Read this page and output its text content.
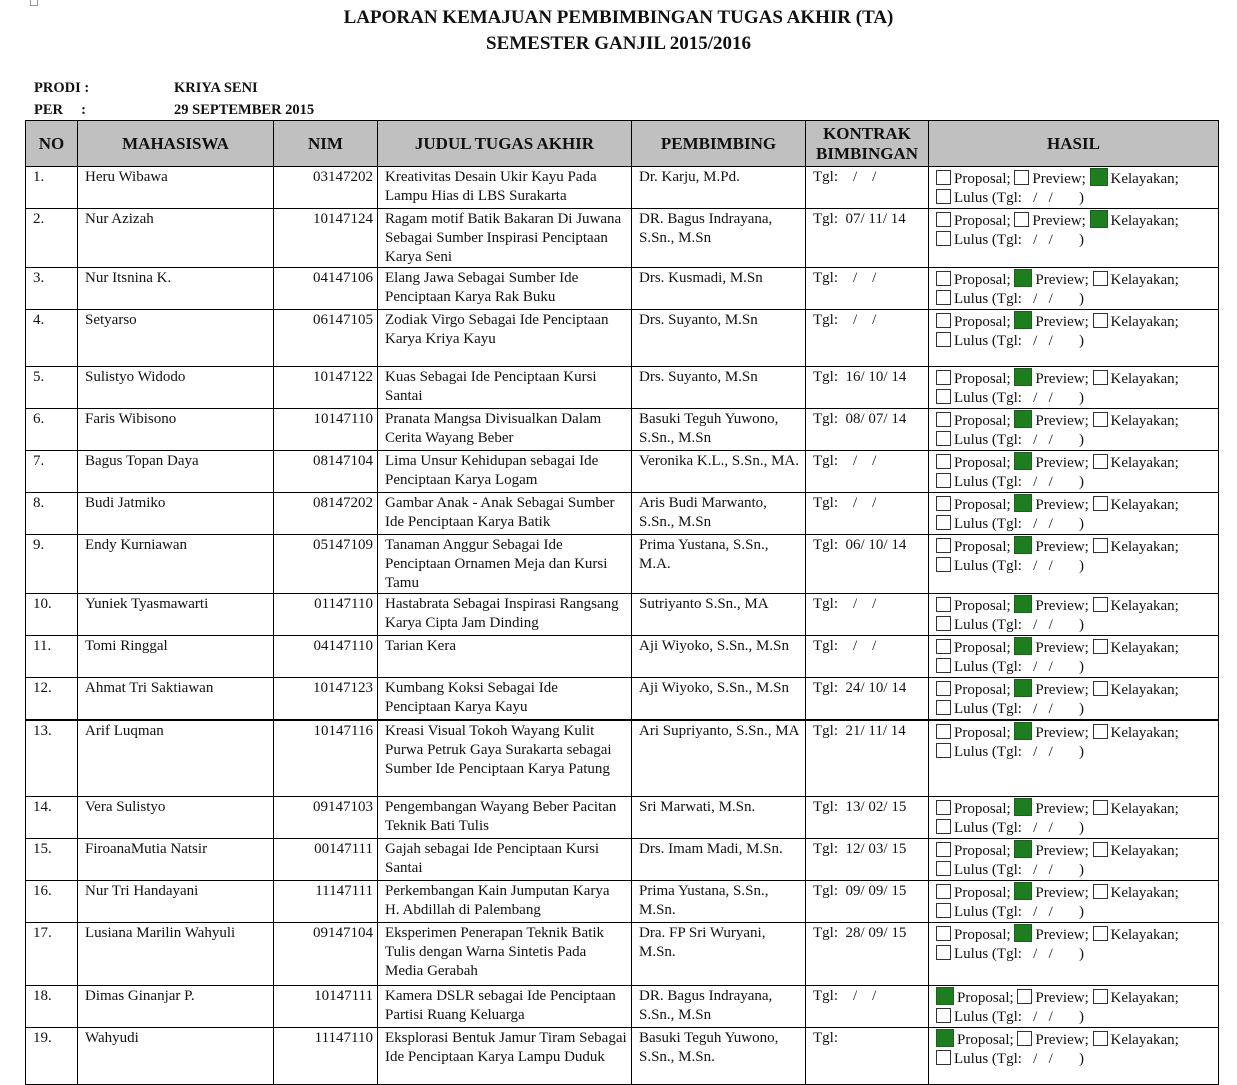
LAPORAN KEMAJUAN PEMBIMBINGAN TUGAS AKHIR (TA)
SEMESTER GANJIL 2015/2016
PRODI :	KRIYA SENI
PER     :	29 SEPTEMBER 2015
NO	MAHASISWA	NIM	JUDUL TUGAS AKHIR	PEMBIMBING	KONTRAK BIMBINGAN	HASIL
1.	Heru Wibawa	03147202	Kreativitas Desain Ukir Kayu Pada Lampu Hias di LBS Surakarta	Dr. Karju, M.Pd.	Tgl:    /    /	Proposal; Preview; Kelayakan;
Lulus (Tgl:   /   /       )

2.	Nur Azizah	10147124	Ragam motif Batik Bakaran Di Juwana Sebagai Sumber Inspirasi Penciptaan Karya Seni	DR. Bagus Indrayana, S.Sn., M.Sn	Tgl:  07/ 11/ 14	Proposal; Preview; Kelayakan;
Lulus (Tgl:   /   /       )

3.	Nur Itsnina K.	04147106	Elang Jawa Sebagai Sumber Ide Penciptaan Karya Rak Buku	Drs. Kusmadi, M.Sn	Tgl:    /    /	Proposal; Preview; Kelayakan;
Lulus (Tgl:   /   /       )

4.	Setyarso	06147105	Zodiak Virgo Sebagai Ide Penciptaan Karya Kriya Kayu	Drs. Suyanto, M.Sn	Tgl:    /    /	Proposal; Preview; Kelayakan;
Lulus (Tgl:   /   /       )

5.	Sulistyo Widodo	10147122	Kuas Sebagai Ide Penciptaan Kursi Santai	Drs. Suyanto, M.Sn	Tgl:  16/ 10/ 14	Proposal; Preview; Kelayakan;
Lulus (Tgl:   /   /       )

6.	Faris Wibisono	10147110	Pranata Mangsa Divisualkan Dalam Cerita Wayang Beber	Basuki Teguh Yuwono, S.Sn., M.Sn	Tgl:  08/ 07/ 14	Proposal; Preview; Kelayakan;
Lulus (Tgl:   /   /       )

7.	Bagus Topan Daya	08147104	Lima Unsur Kehidupan sebagai Ide Penciptaan Karya Logam	Veronika K.L., S.Sn., MA.	Tgl:    /    /	Proposal; Preview; Kelayakan;
Lulus (Tgl:   /   /       )

8.	Budi Jatmiko	08147202	Gambar Anak - Anak Sebagai Sumber Ide Penciptaan Karya Batik	Aris Budi Marwanto, S.Sn., M.Sn	Tgl:    /    /	Proposal; Preview; Kelayakan;
Lulus (Tgl:   /   /       )

9.	Endy Kurniawan	05147109	Tanaman Anggur Sebagai Ide Penciptaan Ornamen Meja dan Kursi Tamu	Prima Yustana, S.Sn., M.A.	Tgl:  06/ 10/ 14	Proposal; Preview; Kelayakan;
Lulus (Tgl:   /   /       )

10.	Yuniek Tyasmawarti	01147110	Hastabrata Sebagai Inspirasi Rangsang Karya Cipta Jam Dinding	Sutriyanto S.Sn., MA	Tgl:    /    /	Proposal; Preview; Kelayakan;
Lulus (Tgl:   /   /       )

11.	Tomi Ringgal	04147110	Tarian Kera	Aji Wiyoko, S.Sn., M.Sn	Tgl:    /    /	Proposal; Preview; Kelayakan;
Lulus (Tgl:   /   /       )

12.	Ahmat Tri Saktiawan	10147123	Kumbang Koksi Sebagai Ide Penciptaan Karya Kayu	Aji Wiyoko, S.Sn., M.Sn	Tgl:  24/ 10/ 14	Proposal; Preview; Kelayakan;
Lulus (Tgl:   /   /       )

13.	Arif Luqman	10147116	Kreasi Visual Tokoh Wayang Kulit Purwa Petruk Gaya Surakarta sebagai Sumber Ide Penciptaan Karya Patung	Ari Supriyanto, S.Sn., MA	Tgl:  21/ 11/ 14	Proposal; Preview; Kelayakan;
Lulus (Tgl:   /   /       )

14.	Vera Sulistyo	09147103	Pengembangan Wayang Beber Pacitan Teknik Bati Tulis	Sri Marwati, M.Sn.	Tgl:  13/ 02/ 15	Proposal; Preview; Kelayakan;
Lulus (Tgl:   /   /       )

15.	FiroanaMutia Natsir	00147111	Gajah sebagai Ide Penciptaan Kursi Santai	Drs. Imam Madi, M.Sn.	Tgl:  12/ 03/ 15	Proposal; Preview; Kelayakan;
Lulus (Tgl:   /   /       )

16.	Nur Tri Handayani	11147111	Perkembangan Kain Jumputan Karya H. Abdillah di Palembang	Prima Yustana, S.Sn., M.Sn.	Tgl:  09/ 09/ 15	Proposal; Preview; Kelayakan;
Lulus (Tgl:   /   /       )

17.	Lusiana Marilin Wahyuli	09147104	Eksperimen Penerapan Teknik Batik Tulis dengan Warna Sintetis Pada Media Gerabah	Dra. FP Sri Wuryani, M.Sn.	Tgl:  28/ 09/ 15	Proposal; Preview; Kelayakan;
Lulus (Tgl:   /   /       )

18.	Dimas Ginanjar P.	10147111	Kamera DSLR sebagai Ide Penciptaan Partisi Ruang Keluarga	DR. Bagus Indrayana, S.Sn., M.Sn	Tgl:    /    /	Proposal; Preview; Kelayakan;
Lulus (Tgl:   /   /       )

19.	Wahyudi	11147110	Eksplorasi Bentuk Jamur Tiram Sebagai Ide Penciptaan Karya Lampu Duduk	Basuki Teguh Yuwono, S.Sn., M.Sn.	Tgl:	Proposal; Preview; Kelayakan;
Lulus (Tgl:   /   /       )
